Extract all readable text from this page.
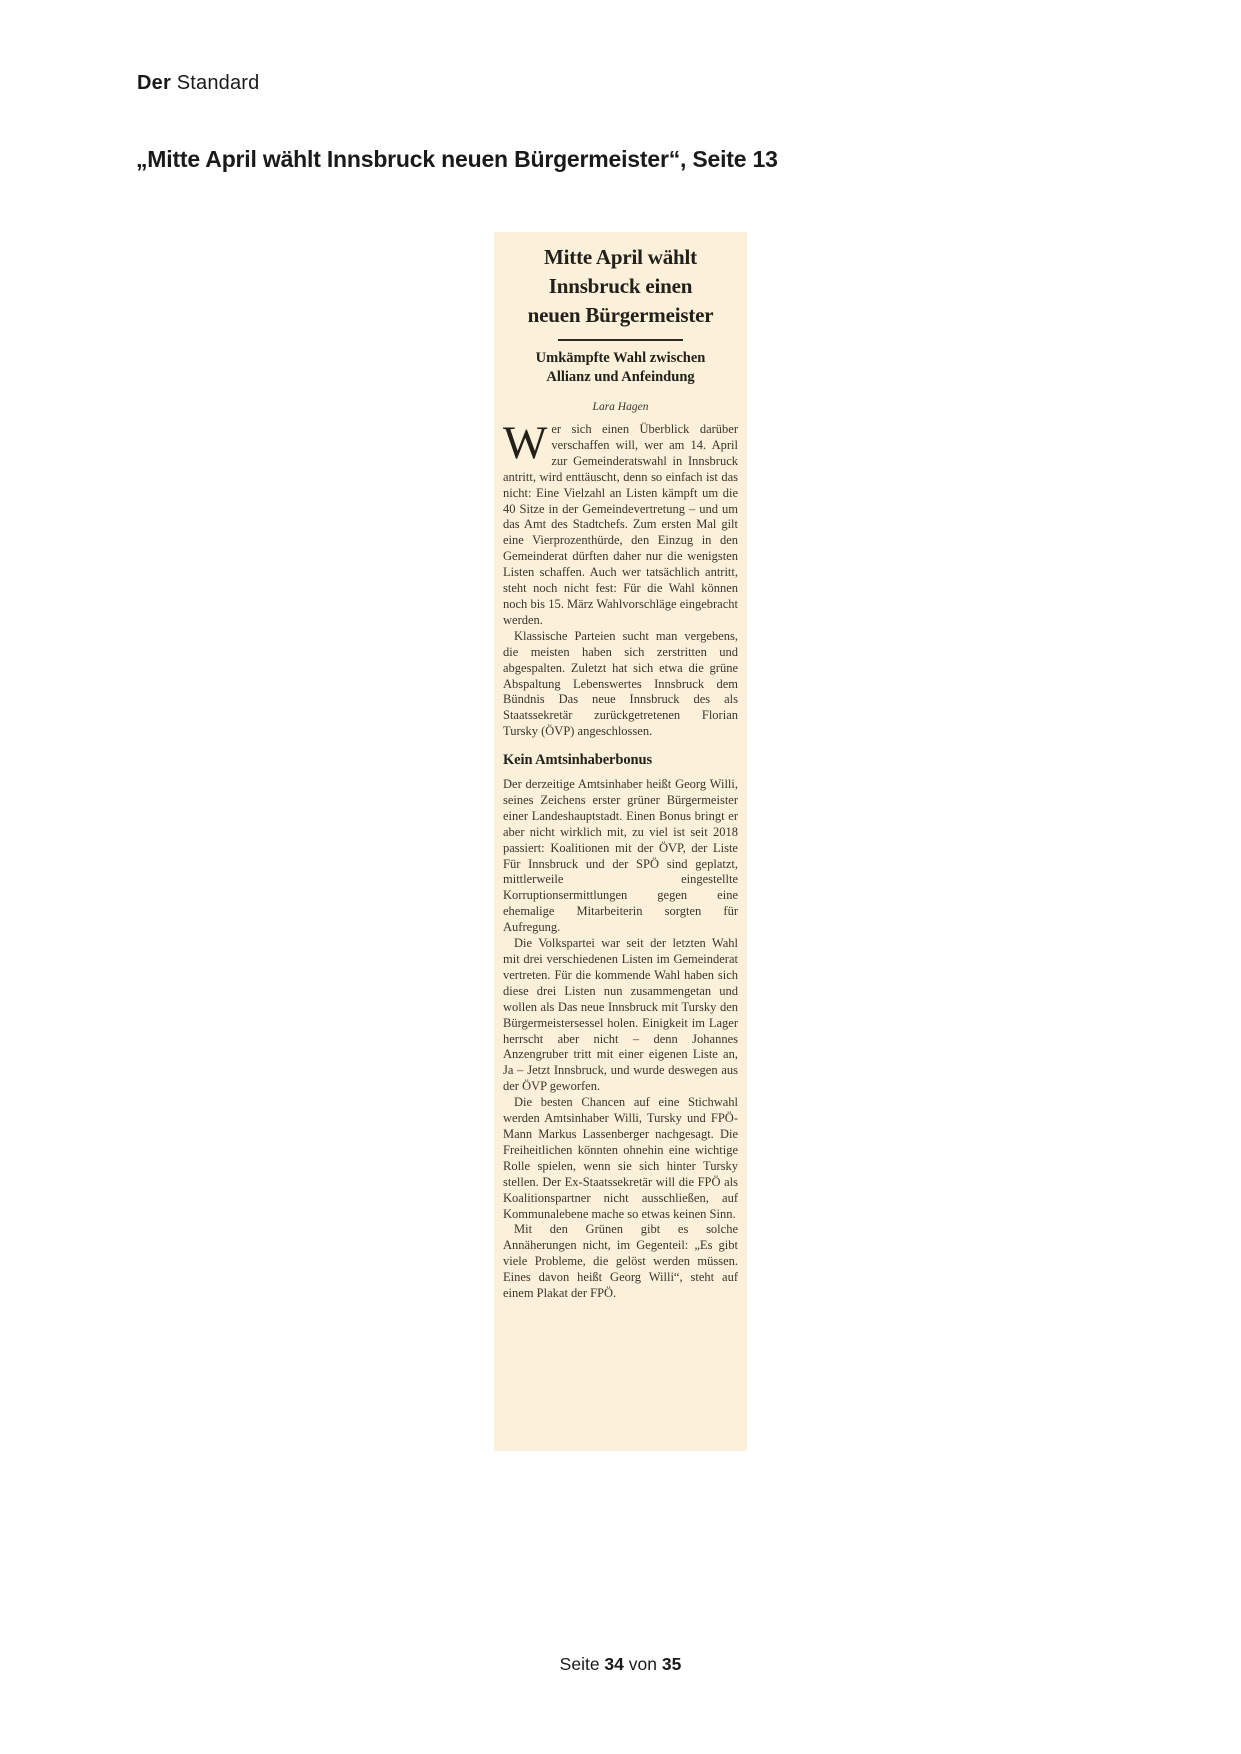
Der Standard
„Mitte April wählt Innsbruck neuen Bürgermeister“, Seite 13
Mitte April wählt
Innsbruck einen
neuen Bürgermeister
Umkämpfte Wahl zwischen
Allianz und Anfeindung
Lara Hagen

Wer sich einen Überblick darüber verschaffen will, wer am 14. April zur Gemeinderatswahl in Innsbruck antritt, wird enttäuscht, denn so einfach ist das nicht: Eine Vielzahl an Listen kämpft um die 40 Sitze in der Gemeindevertretung – und um das Amt des Stadtchefs. Zum ersten Mal gilt eine Vierprozenthürde, den Einzug in den Gemeinderat dürften daher nur die wenigsten Listen schaffen. Auch wer tatsächlich antritt, steht noch nicht fest: Für die Wahl können noch bis 15. März Wahlvorschläge eingebracht werden.

Klassische Parteien sucht man vergebens, die meisten haben sich zerstritten und abgespalten. Zuletzt hat sich etwa die grüne Abspaltung Lebenswertes Innsbruck dem Bündnis Das neue Innsbruck des als Staatssekretär zurückgetretenen Florian Tursky (ÖVP) angeschlossen.

Kein Amtsinhaberbonus

Der derzeitige Amtsinhaber heißt Georg Willi, seines Zeichens erster grüner Bürgermeister einer Landeshauptstadt. Einen Bonus bringt er aber nicht wirklich mit, zu viel ist seit 2018 passiert: Koalitionen mit der ÖVP, der Liste Für Innsbruck und der SPÖ sind geplatzt, mittlerweile eingestellte Korruptionsermittlungen gegen eine ehemalige Mitarbeiterin sorgten für Aufregung.

Die Volkspartei war seit der letzten Wahl mit drei verschiedenen Listen im Gemeinderat vertreten. Für die kommende Wahl haben sich diese drei Listen nun zusammengetan und wollen als Das neue Innsbruck mit Tursky den Bürgermeistersessel holen. Einigkeit im Lager herrscht aber nicht – denn Johannes Anzengruber tritt mit einer eigenen Liste an, Ja – Jetzt Innsbruck, und wurde deswegen aus der ÖVP geworfen.

Die besten Chancen auf eine Stichwahl werden Amtsinhaber Willi, Tursky und FPÖ-Mann Markus Lassenberger nachgesagt. Die Freiheitlichen könnten ohnehin eine wichtige Rolle spielen, wenn sie sich hinter Tursky stellen. Der Ex-Staatssekretär will die FPÖ als Koalitionspartner nicht ausschließen, auf Kommunalebene mache so etwas keinen Sinn.

Mit den Grünen gibt es solche Annäherungen nicht, im Gegenteil: „Es gibt viele Probleme, die gelöst werden müssen. Eines davon heißt Georg Willi“, steht auf einem Plakat der FPÖ.

Seite 34 von 35
